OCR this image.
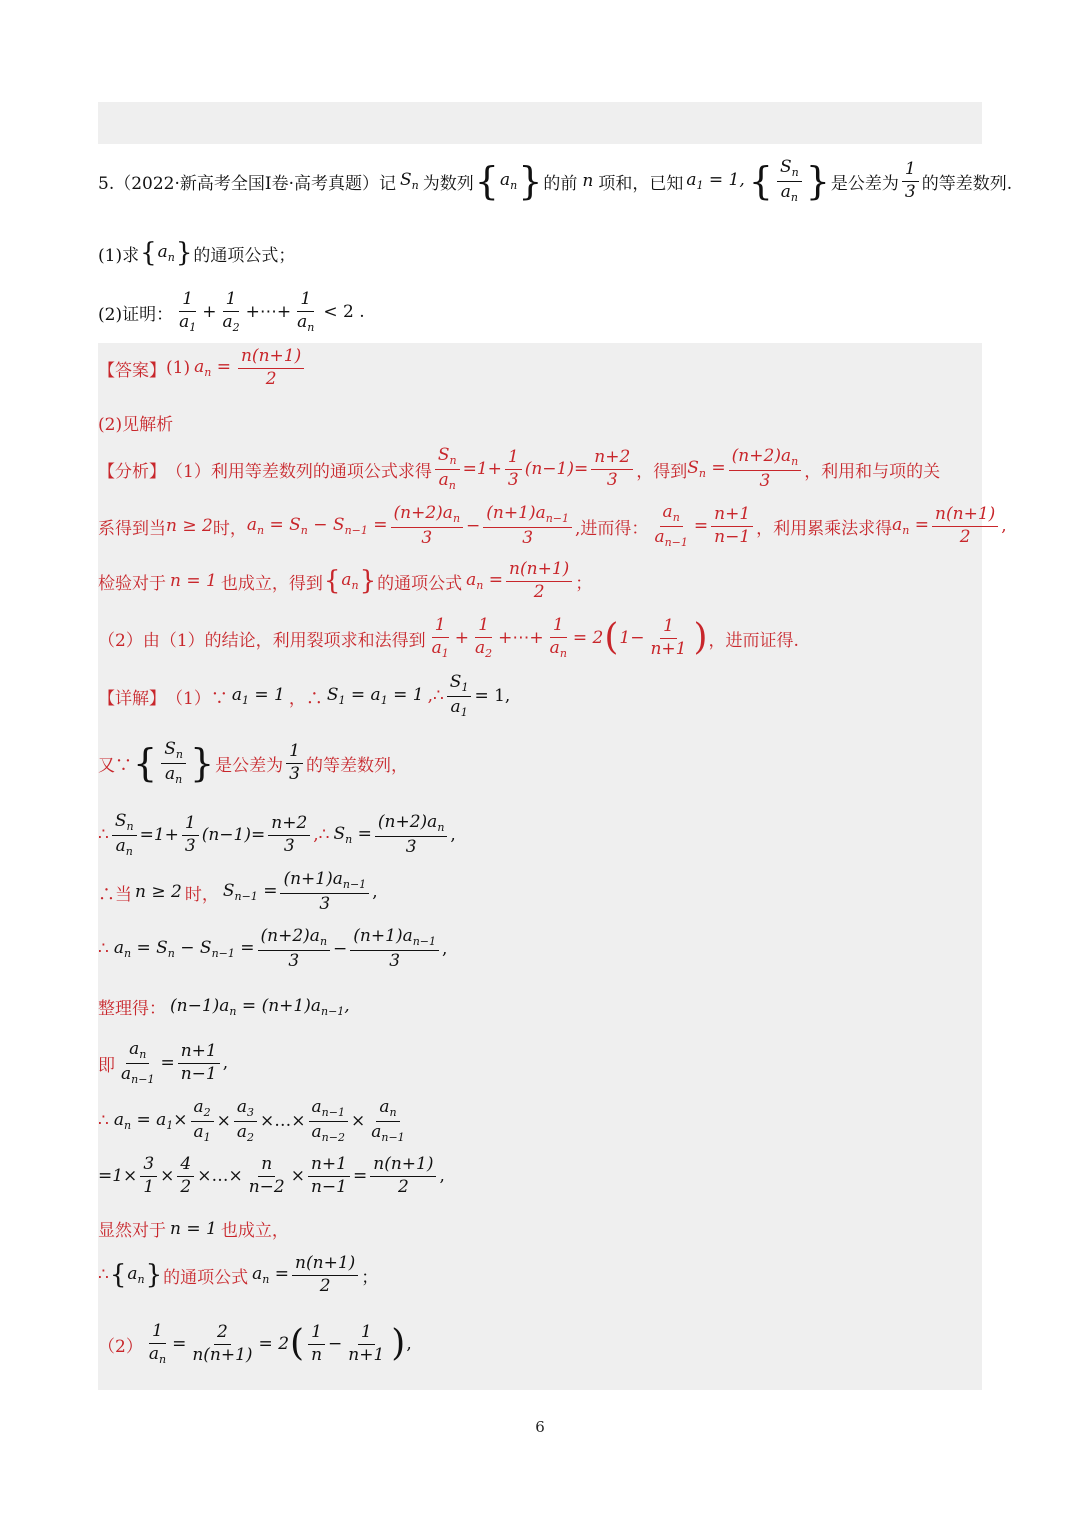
5.（2022·新高考全国I卷·高考真题）记 $S_n$ 为数列 { $a_n$ } 的前 n 项和，已知 $a_1 = 1$, { $\frac{S_n}{a_n}$ } 是公差为 $\frac{1}{3}$ 的等差数列.
(1)求 { $a_n$ } 的通项公式；
(2)证明： $\frac{1}{a_1} + \frac{1}{a_2}$ +⋯+ $\frac{1}{a_n} < 2$ .
【答案】 (1) $a_n = \frac{n(n+1)}{2}$
(2)见解析
【分析】 （1）利用等差数列的通项公式求得 $\frac{S_n}{a_n} =1+ \frac{1}{3} (n-1)= \frac{n+2}{3}$ ，得到 $S_n = \frac{(n+2)a_n}{3}$ ，利用和与项的关
系得到当 n ≥ 2 时， $a_n = S_n - S_{n-1} = \frac{(n+2)a_n}{3} - \frac{(n+1)a_{n-1}}{3}$ ,进而得： $\frac{a_n}{a_{n-1}} = \frac{n+1}{n-1}$ ，利用累乘法求得 $a_n = \frac{n(n+1)}{2}$ ,
检验对于 n = 1 也成立，得到 { $a_n$ } 的通项公式 $a_n = \frac{n(n+1)}{2}$ ；
（2）由（1）的结论，利用裂项求和法得到 $\frac{1}{a_1} + \frac{1}{a_2}$ +⋯+ $\frac{1}{a_n} = 2$ ( $1- \frac{1}{n+1}$ ) ，进而证得.
【详解】 （1）∵ $a_1 = 1$ ，∴ $S_1 = a_1 = 1$ ,∴ $\frac{S_1}{a_1} = 1$,
又∵ { $\frac{S_n}{a_n}$ } 是公差为 $\frac{1}{3}$ 的等差数列，
∴ $\frac{S_n}{a_n} =1+ \frac{1}{3} (n-1)= \frac{n+2}{3}$ ,∴ $S_n = \frac{(n+2)a_n}{3}$ ,
∴当 n ≥ 2 时， $S_{n-1} = \frac{(n+1)a_{n-1}}{3}$ ,
∴ $a_n = S_n - S_{n-1} = \frac{(n+2)a_n}{3} - \frac{(n+1)a_{n-1}}{3}$ ,
整理得： $(n-1)a_n = (n+1)a_{n-1}$,
即 $\frac{a_n}{a_{n-1}} = \frac{n+1}{n-1}$ ,
∴ $a_n = a_1\times \frac{a_2}{a_1} \times \frac{a_3}{a_2}$ ×…× $\frac{a_{n-1}}{a_{n-2}} \times \frac{a_n}{a_{n-1}}$
$=1\times \frac{3}{1} \times \frac{4}{2}$ ×…× $\frac{n}{n-2} \times \frac{n+1}{n-1} = \frac{n(n+1)}{2}$ ,
显然对于 n = 1 也成立，
∴ { $a_n$ } 的通项公式 $a_n = \frac{n(n+1)}{2}$ ；
$(2) \frac{1}{a_n} = \frac{2}{n(n+1)} = 2$ ( $\frac{1}{n} - \frac{1}{n+1}$ ) ,
6
